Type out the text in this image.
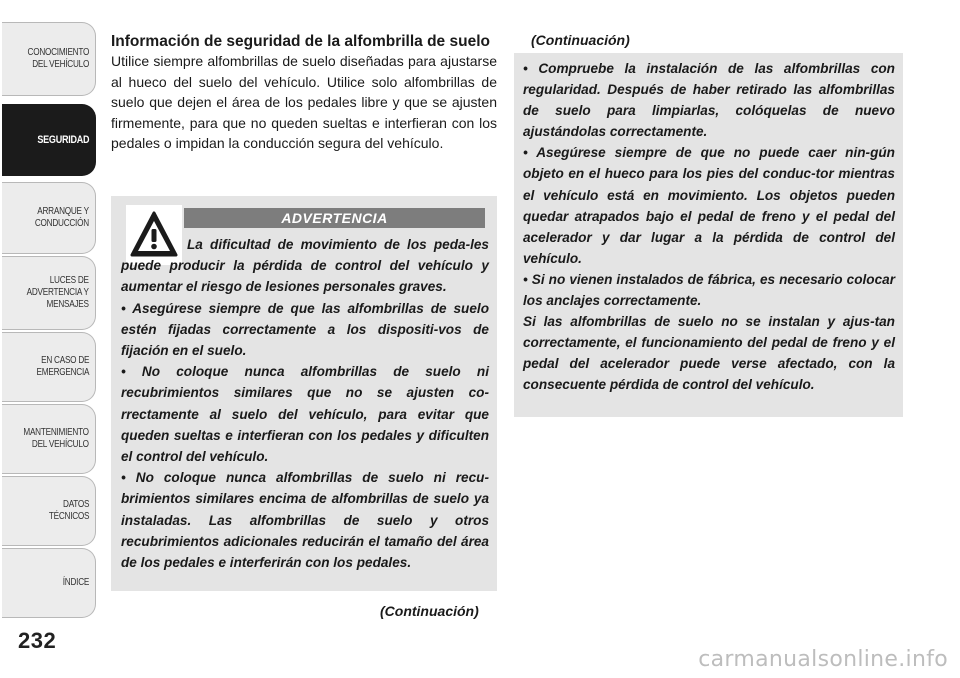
CONOCIMIENTO
DEL VEHÍCULO
SEGURIDAD
ARRANQUE Y
CONDUCCIÓN
LUCES DE
ADVERTENCIA Y
MENSAJES
EN CASO DE
EMERGENCIA
MANTENIMIENTO
DEL VEHÍCULO
DATOS
TÉCNICOS
ÍNDICE
232
Información de seguridad de la alfombrilla de suelo

Utilice siempre alfombrillas de suelo diseñadas para ajustarse al hueco del suelo del vehículo. Utilice solo alfombrillas de suelo que dejen el área de los pedales libre y que se ajusten firmemente, para que no queden sueltas e interfieran con los pedales o impidan la conducción segura del vehículo.

ADVERTENCIA

La dificultad de movimiento de los peda-les puede producir la pérdida de control del vehículo y aumentar el riesgo de lesiones personales graves.

• Asegúrese siempre de que las alfombrillas de suelo estén fijadas correctamente a los dispositi-vos de fijación en el suelo.

• No coloque nunca alfombrillas de suelo ni recubrimientos similares que no se ajusten co-rrectamente al suelo del vehículo, para evitar que queden sueltas e interfieran con los pedales y dificulten el control del vehículo.

• No coloque nunca alfombrillas de suelo ni recu-brimientos similares encima de alfombrillas de suelo ya instaladas. Las alfombrillas de suelo y otros recubrimientos adicionales reducirán el tamaño del área de los pedales e interferirán con los pedales.

(Continuación)
(Continuación)

• Compruebe la instalación de las alfombrillas con regularidad. Después de haber retirado las alfombrillas de suelo para limpiarlas, colóquelas de nuevo ajustándolas correctamente.

• Asegúrese siempre de que no puede caer nin-gún objeto en el hueco para los pies del conduc-tor mientras el vehículo está en movimiento. Los objetos pueden quedar atrapados bajo el pedal de freno y el pedal del acelerador y dar lugar a la pérdida de control del vehículo.

• Si no vienen instalados de fábrica, es necesario colocar los anclajes correctamente.

Si las alfombrillas de suelo no se instalan y ajus-tan correctamente, el funcionamiento del pedal de freno y el pedal del acelerador puede verse afectado, con la consecuente pérdida de control del vehículo.

carmanualsonline.info
